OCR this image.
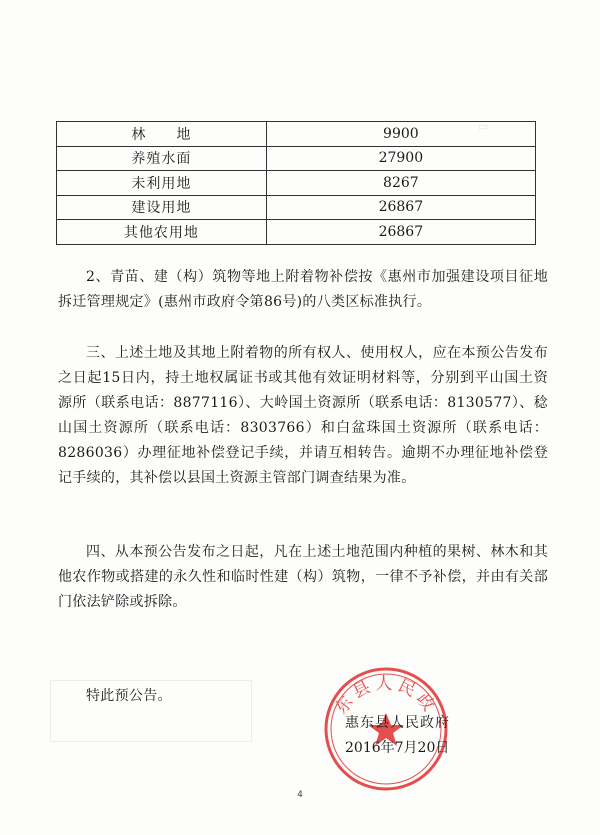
▭
林　　地	9900
养殖水面	27900
未利用地	8267
建设用地	26867
其他农用地	26867
2、青苗、建（构）筑物等地上附着物补偿按《惠州市加强建设项目征地拆迁管理规定》(惠州市政府令第86号)的八类区标准执行。
三、上述土地及其地上附着物的所有权人、使用权人，应在本预公告发布之日起15日内，持土地权属证书或其他有效证明材料等，分别到平山国土资源所（联系电话：8877116）、大岭国土资源所（联系电话：8130577）、稔山国土资源所（联系电话：8303766）和白盆珠国土资源所（联系电话：8286036）办理征地补偿登记手续，并请互相转告。逾期不办理征地补偿登记手续的，其补偿以县国土资源主管部门调查结果为准。
四、从本预公告发布之日起，凡在上述土地范围内种植的果树、林木和其他农作物或搭建的永久性和临时性建（构）筑物，一律不予补偿，并由有关部门依法铲除或拆除。
特此预公告。	东县人民政
惠东县人民政府
2016年7月20日
4
